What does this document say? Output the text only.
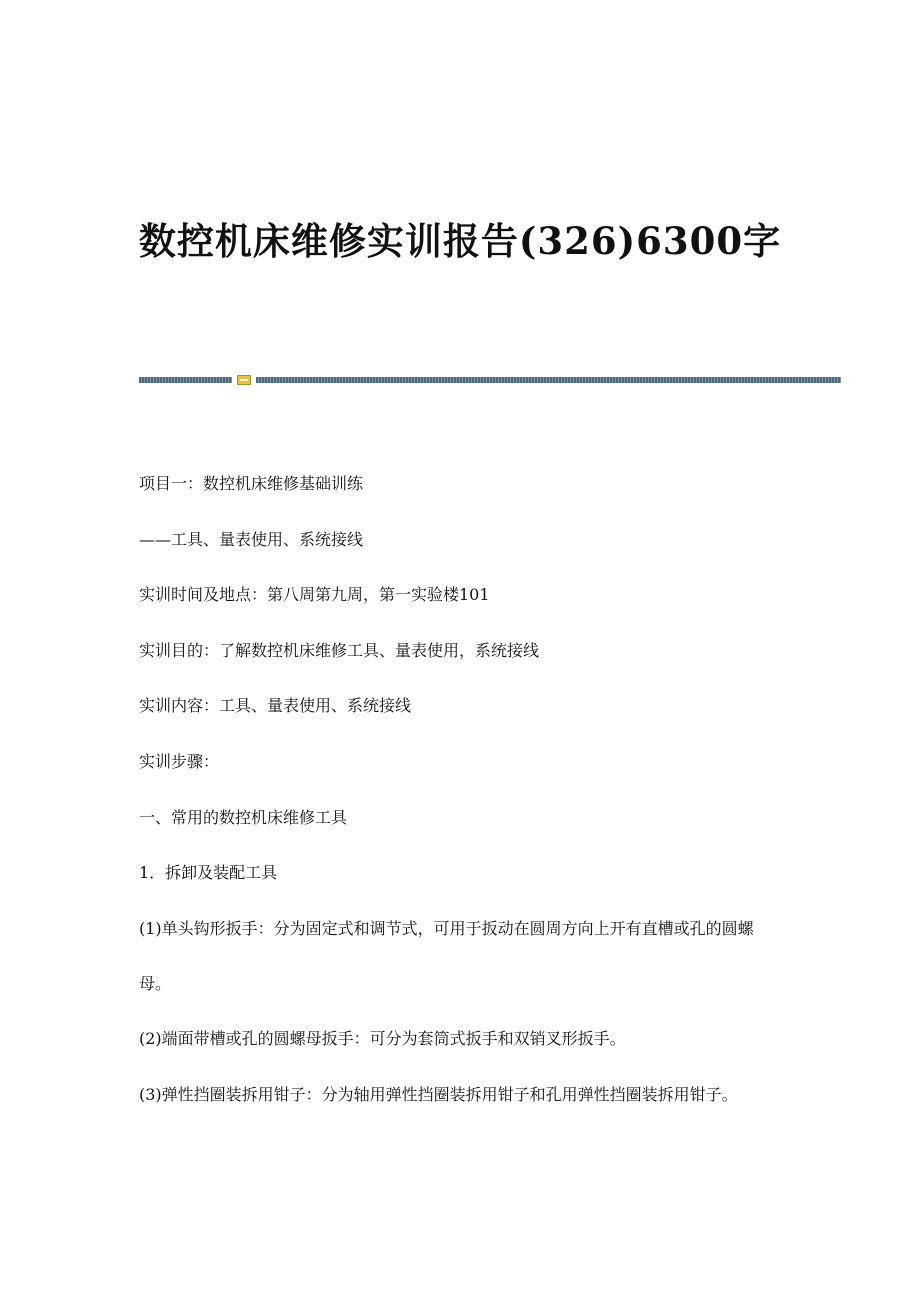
数控机床维修实训报告(326)6300字

项目一：数控机床维修基础训练

——工具、量表使用、系统接线

实训时间及地点：第八周第九周，第一实验楼101

实训目的：了解数控机床维修工具、量表使用，系统接线

实训内容：工具、量表使用、系统接线

实训步骤：

一、常用的数控机床维修工具

1．拆卸及装配工具

(1)单头钩形扳手：分为固定式和调节式，可用于扳动在圆周方向上开有直槽或孔的圆螺母。

(2)端面带槽或孔的圆螺母扳手：可分为套筒式扳手和双销叉形扳手。

(3)弹性挡圈装拆用钳子：分为轴用弹性挡圈装拆用钳子和孔用弹性挡圈装拆用钳子。
